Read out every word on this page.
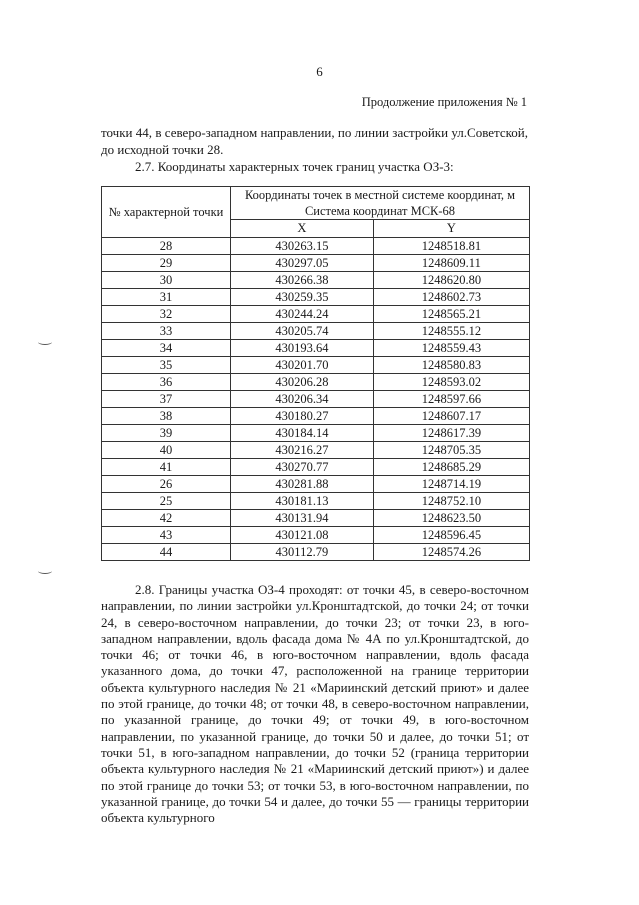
6
Продолжение приложения № 1

точки 44, в северо-западном направлении, по линии застройки ул.Советской, до исходной точки 28.

2.7. Координаты характерных точек границ участка ОЗ-3:

№ характерной точки	Координаты точек в местной системе координат, м Система координат МСК-68	
	X	Y
28	430263.15	1248518.81
29	430297.05	1248609.11
30	430266.38	1248620.80
31	430259.35	1248602.73
32	430244.24	1248565.21
33	430205.74	1248555.12
34	430193.64	1248559.43
35	430201.70	1248580.83
36	430206.28	1248593.02
37	430206.34	1248597.66
38	430180.27	1248607.17
39	430184.14	1248617.39
40	430216.27	1248705.35
41	430270.77	1248685.29
26	430281.88	1248714.19
25	430181.13	1248752.10
42	430131.94	1248623.50
43	430121.08	1248596.45
44	430112.79	1248574.26

2.8. Границы участка ОЗ-4 проходят: от точки 45, в северо-восточном направлении, по линии застройки ул.Кронштадтской, до точки 24; от точки 24, в северо-восточном направлении, до точки 23; от точки 23, в юго-западном направлении, вдоль фасада дома № 4А по ул.Кронштадтской, до точки 46; от точки 46, в юго-восточном направлении, вдоль фасада указанного дома, до точки 47, расположенной на границе территории объекта культурного наследия № 21 «Мариинский детский приют» и далее по этой границе, до точки 48; от точки 48, в северо-восточном направлении, по указанной границе, до точки 49; от точки 49, в юго-восточном направлении, по указанной границе, до точки 50 и далее, до точки 51; от точки 51, в юго-западном направлении, до точки 52 (граница территории объекта культурного наследия № 21 «Мариинский детский приют») и далее по этой границе до точки 53; от точки 53, в юго-восточном направлении, по указанной границе, до точки 54 и далее, до точки 55 — границы территории объекта культурного
